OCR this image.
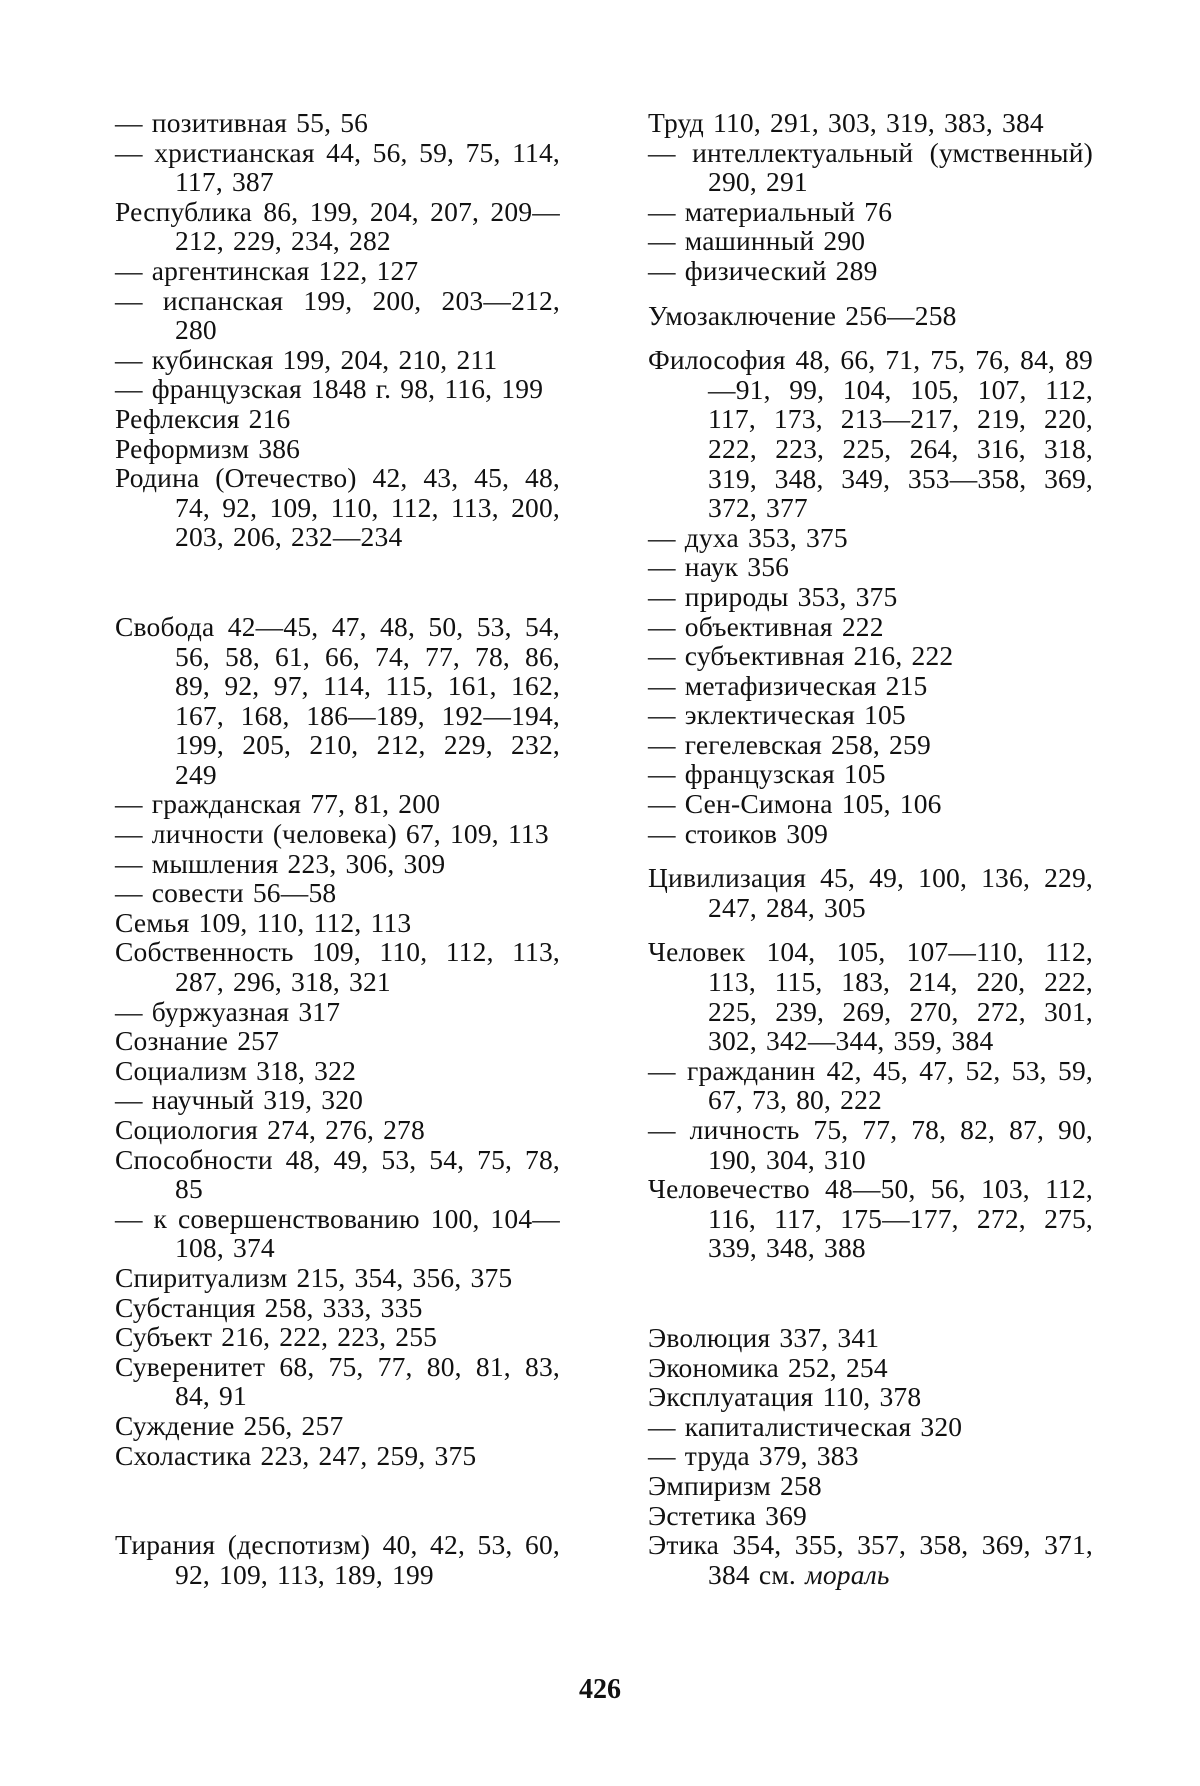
— позитивная 55, 56

— христианская 44, 56, 59, 75, 114, 117, 387

Республика 86, 199, 204, 207, 209—212, 229, 234, 282

— аргентинская 122, 127

— испанская 199, 200, 203—212, 280

— кубинская 199, 204, 210, 211

— французская 1848 г. 98, 116, 199

Рефлексия 216

Реформизм 386

Родина (Отечество) 42, 43, 45, 48, 74, 92, 109, 110, 112, 113, 200, 203, 206, 232—234

Свобода 42—45, 47, 48, 50, 53, 54, 56, 58, 61, 66, 74, 77, 78, 86, 89, 92, 97, 114, 115, 161, 162, 167, 168, 186—189, 192—194, 199, 205, 210, 212, 229, 232, 249

— гражданская 77, 81, 200

— личности (человека) 67, 109, 113

— мышления 223, 306, 309

— совести 56—58

Семья 109, 110, 112, 113

Собственность 109, 110, 112, 113, 287, 296, 318, 321

— буржуазная 317

Сознание 257

Социализм 318, 322

— научный 319, 320

Социология 274, 276, 278

Способности 48, 49, 53, 54, 75, 78, 85

— к совершенствованию 100, 104—108, 374

Спиритуализм 215, 354, 356, 375

Субстанция 258, 333, 335

Субъект 216, 222, 223, 255

Суверенитет 68, 75, 77, 80, 81, 83, 84, 91

Суждение 256, 257

Схоластика 223, 247, 259, 375

Тирания (деспотизм) 40, 42, 53, 60, 92, 109, 113, 189, 199

Труд 110, 291, 303, 319, 383, 384

— интеллектуальный (умственный) 290, 291

— материальный 76

— машинный 290

— физический 289

Умозаключение 256—258

Философия 48, 66, 71, 75, 76, 84, 89—91, 99, 104, 105, 107, 112, 117, 173, 213—217, 219, 220, 222, 223, 225, 264, 316, 318, 319, 348, 349, 353—358, 369, 372, 377

— духа 353, 375

— наук 356

— природы 353, 375

— объективная 222

— субъективная 216, 222

— метафизическая 215

— эклектическая 105

— гегелевская 258, 259

— французская 105

— Сен-Симона 105, 106

— стоиков 309

Цивилизация 45, 49, 100, 136, 229, 247, 284, 305

Человек 104, 105, 107—110, 112, 113, 115, 183, 214, 220, 222, 225, 239, 269, 270, 272, 301, 302, 342—344, 359, 384

— гражданин 42, 45, 47, 52, 53, 59, 67, 73, 80, 222

— личность 75, 77, 78, 82, 87, 90, 190, 304, 310

Человечество 48—50, 56, 103, 112, 116, 117, 175—177, 272, 275, 339, 348, 388

Эволюция 337, 341

Экономика 252, 254

Эксплуатация 110, 378

— капиталистическая 320

— труда 379, 383

Эмпиризм 258

Эстетика 369

Этика 354, 355, 357, 358, 369, 371, 384 см. мораль

426
